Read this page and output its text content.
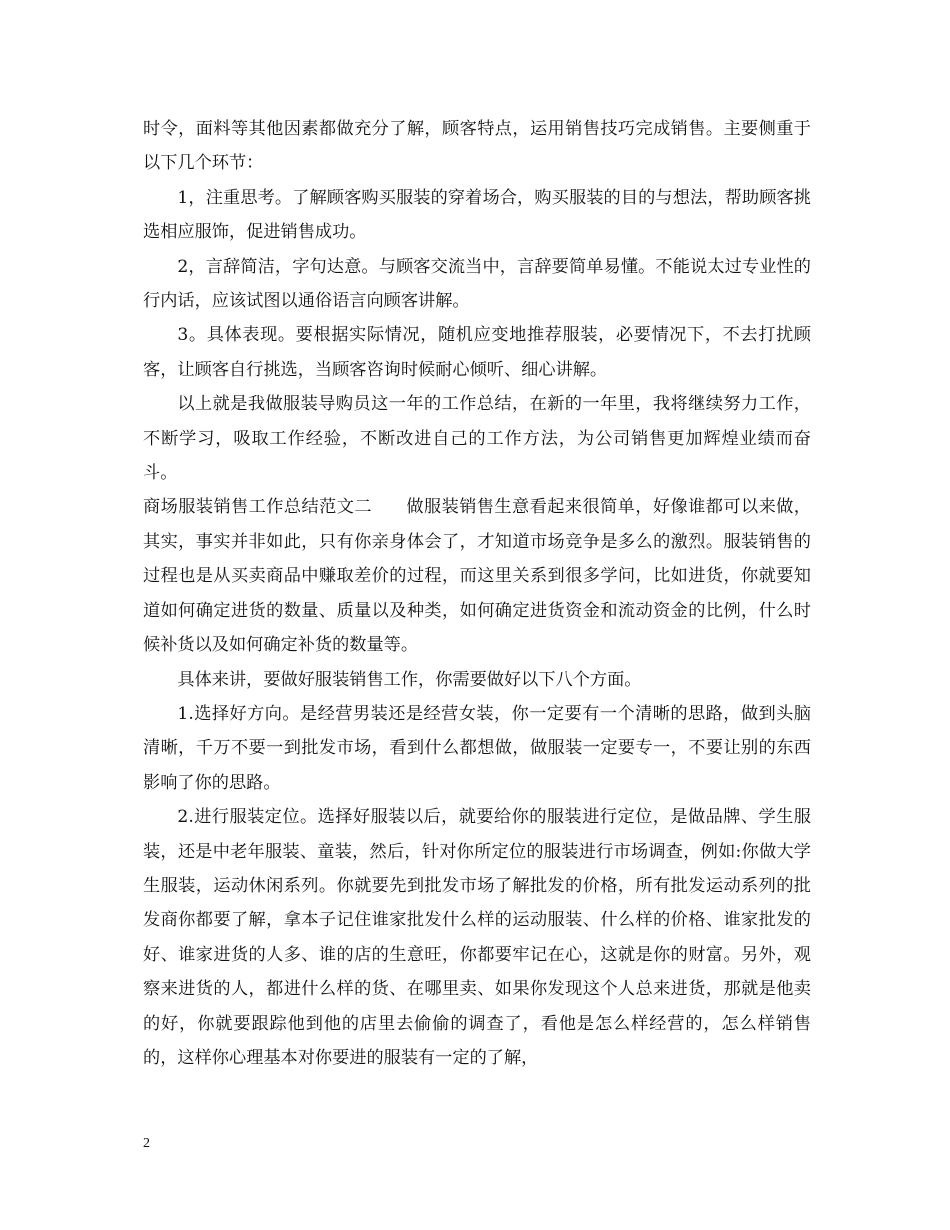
时令，面料等其他因素都做充分了解，顾客特点，运用销售技巧完成销售。主要侧重于以下几个环节：

1，注重思考。了解顾客购买服装的穿着场合，购买服装的目的与想法，帮助顾客挑选相应服饰，促进销售成功。

2，言辞简洁，字句达意。与顾客交流当中，言辞要简单易懂。不能说太过专业性的行内话，应该试图以通俗语言向顾客讲解。

3。具体表现。要根据实际情况，随机应变地推荐服装，必要情况下，不去打扰顾客，让顾客自行挑选，当顾客咨询时候耐心倾听、细心讲解。

以上就是我做服装导购员这一年的工作总结，在新的一年里，我将继续努力工作，不断学习，吸取工作经验，不断改进自己的工作方法，为公司销售更加辉煌业绩而奋斗。

商场服装销售工作总结范文二 做服装销售生意看起来很简单，好像谁都可以来做，其实，事实并非如此，只有你亲身体会了，才知道市场竞争是多么的激烈。服装销售的过程也是从买卖商品中赚取差价的过程，而这里关系到很多学问，比如进货，你就要知道如何确定进货的数量、质量以及种类，如何确定进货资金和流动资金的比例，什么时候补货以及如何确定补货的数量等。

具体来讲，要做好服装销售工作，你需要做好以下八个方面。

1.选择好方向。是经营男装还是经营女装，你一定要有一个清晰的思路，做到头脑清晰，千万不要一到批发市场，看到什么都想做，做服装一定要专一，不要让别的东西影响了你的思路。

2.进行服装定位。选择好服装以后，就要给你的服装进行定位，是做品牌、学生服装，还是中老年服装、童装，然后，针对你所定位的服装进行市场调查，例如:你做大学生服装，运动休闲系列。你就要先到批发市场了解批发的价格，所有批发运动系列的批发商你都要了解，拿本子记住谁家批发什么样的运动服装、什么样的价格、谁家批发的好、谁家进货的人多、谁的店的生意旺，你都要牢记在心，这就是你的财富。另外，观察来进货的人，都进什么样的货、在哪里卖、如果你发现这个人总来进货，那就是他卖的好，你就要跟踪他到他的店里去偷偷的调查了，看他是怎么样经营的，怎么样销售的，这样你心理基本对你要进的服装有一定的了解，

2
